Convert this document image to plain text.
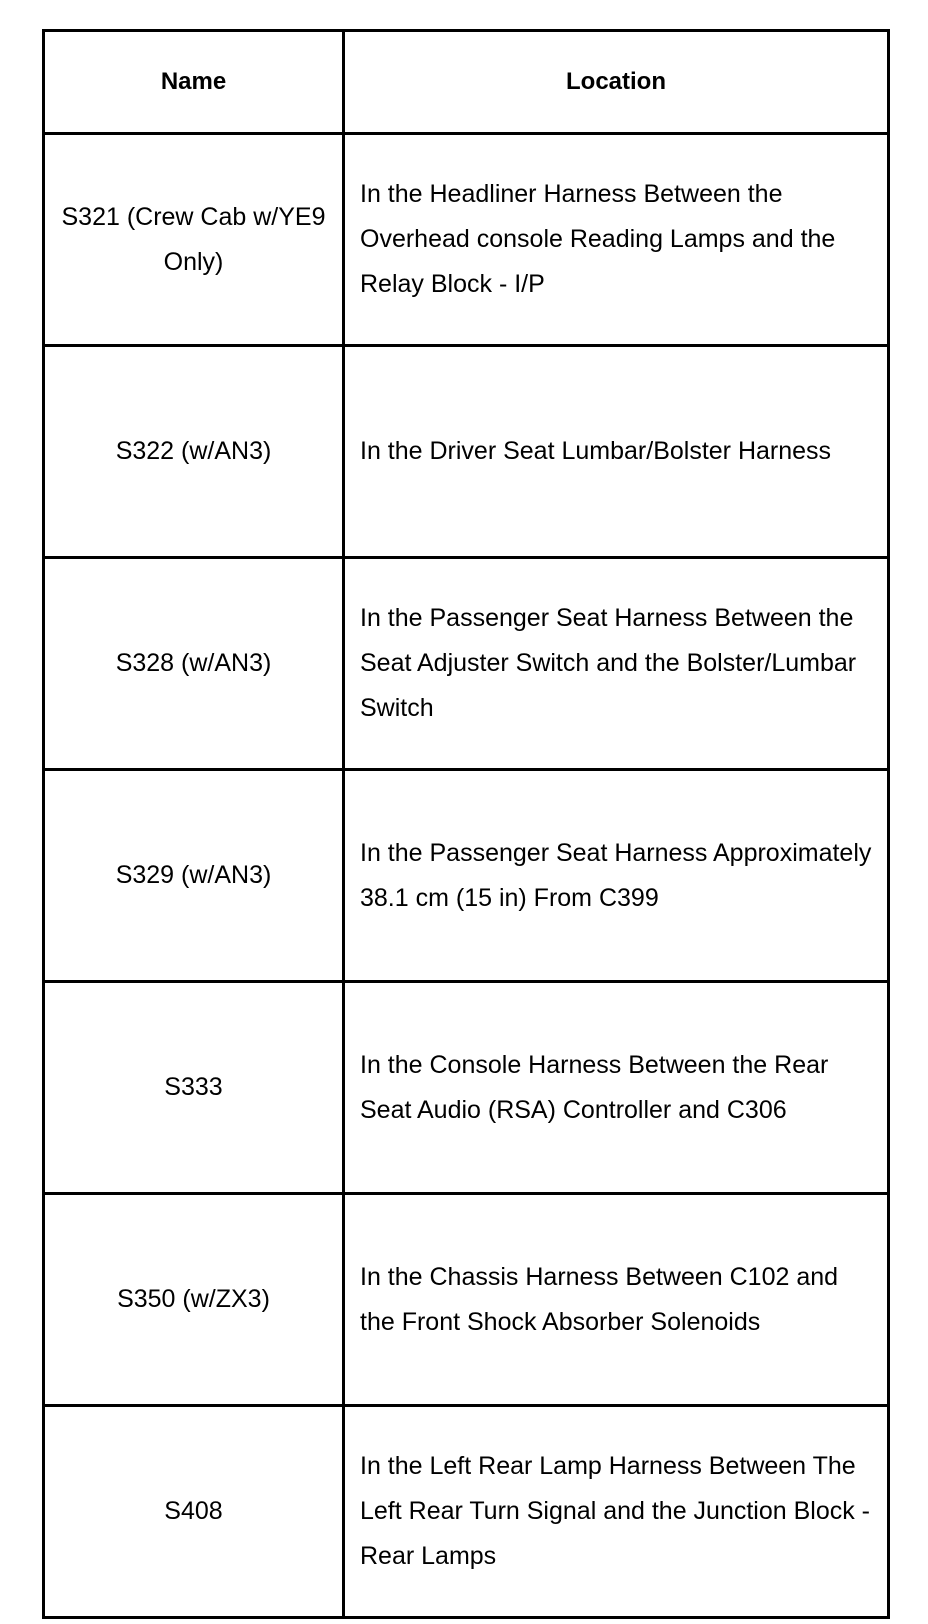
Name	Location
S321 (Crew Cab w/YE9 Only)	In the Headliner Harness Between the Overhead console Reading Lamps and the Relay Block - I/P
S322 (w/AN3)	In the Driver Seat Lumbar/Bolster Harness
S328 (w/AN3)	In the Passenger Seat Harness Between the Seat Adjuster Switch and the Bolster/Lumbar Switch
S329 (w/AN3)	In the Passenger Seat Harness Approximately 38.1 cm (15 in) From C399
S333	In the Console Harness Between the Rear Seat Audio (RSA) Controller and C306
S350 (w/ZX3)	In the Chassis Harness Between C102 and the Front Shock Absorber Solenoids
S408	In the Left Rear Lamp Harness Between The Left Rear Turn Signal and the Junction Block - Rear Lamps
